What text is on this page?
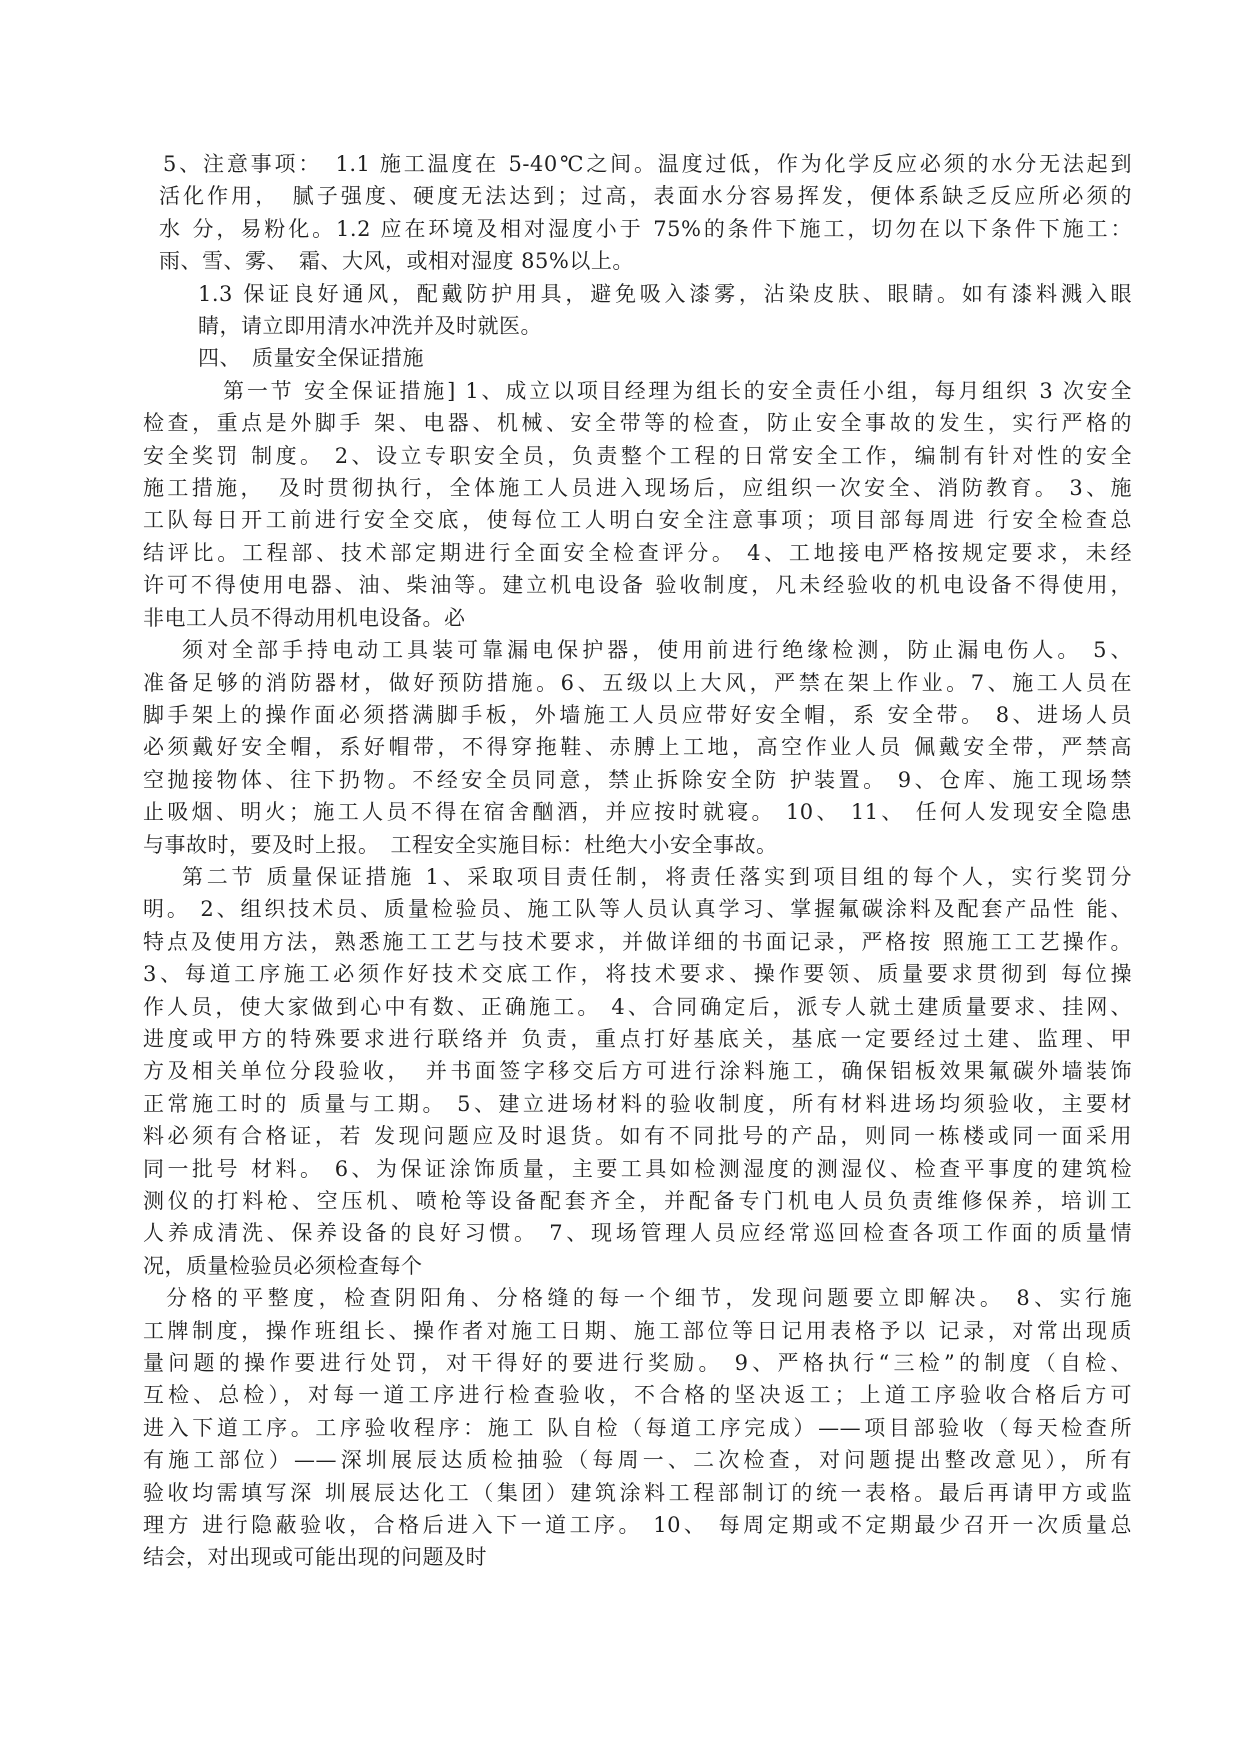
5、注意事项：　1.1 施工温度在 5-40℃之间。温度过低，作为化学反应必须的水分无法起到
活化作用，　腻子强度、硬度无法达到；过高，表面水分容易挥发，便体系缺乏反应所必须的
水 分，易粉化。1.2 应在环境及相对湿度小于 75%的条件下施工，切勿在以下条件下施工：
雨、雪、雾、　霜、大风，或相对湿度 85%以上。
1.3 保证良好通风，配戴防护用具，避免吸入漆雾，沾染皮肤、眼睛。如有漆料溅入眼
睛，请立即用清水冲洗并及时就医。
四、　质量安全保证措施
第一节 安全保证措施] 1、成立以项目经理为组长的安全责任小组，每月组织 3 次安全
检查，重点是外脚手 架、电器、机械、安全带等的检查，防止安全事故的发生，实行严格的
安全奖罚 制度。 2、设立专职安全员，负责整个工程的日常安全工作，编制有针对性的安全
施工措施，　及时贯彻执行，全体施工人员进入现场后，应组织一次安全、消防教育。 3、施
工队每日开工前进行安全交底，使每位工人明白安全注意事项；项目部每周进 行安全检查总
结评比。工程部、技术部定期进行全面安全检查评分。 4、工地接电严格按规定要求，未经
许可不得使用电器、油、柴油等。建立机电设备 验收制度，凡未经验收的机电设备不得使用，
非电工人员不得动用机电设备。必
须对全部手持电动工具装可靠漏电保护器，使用前进行绝缘检测，防止漏电伤人。 5、
准备足够的消防器材，做好预防措施。6、五级以上大风，严禁在架上作业。7、施工人员在
脚手架上的操作面必须搭满脚手板，外墙施工人员应带好安全帽，系 安全带。 8、进场人员
必须戴好安全帽，系好帽带，不得穿拖鞋、赤膊上工地，高空作业人员 佩戴安全带，严禁高
空抛接物体、往下扔物。不经安全员同意，禁止拆除安全防 护装置。 9、仓库、施工现场禁
止吸烟、明火；施工人员不得在宿舍酗酒，并应按时就寝。 10、 11、 任何人发现安全隐患
与事故时，要及时上报。　工程安全实施目标：杜绝大小安全事故。
第二节 质量保证措施 1、采取项目责任制，将责任落实到项目组的每个人，实行奖罚分
明。 2、组织技术员、质量检验员、施工队等人员认真学习、掌握氟碳涂料及配套产品性 能、
特点及使用方法，熟悉施工工艺与技术要求，并做详细的书面记录，严格按 照施工工艺操作。
3、每道工序施工必须作好技术交底工作，将技术要求、操作要领、质量要求贯彻到 每位操
作人员，使大家做到心中有数、正确施工。 4、合同确定后，派专人就土建质量要求、挂网、
进度或甲方的特殊要求进行联络并 负责，重点打好基底关，基底一定要经过土建、监理、甲
方及相关单位分段验收，　并书面签字移交后方可进行涂料施工，确保铝板效果氟碳外墙装饰
正常施工时的 质量与工期。 5、建立进场材料的验收制度，所有材料进场均须验收，主要材
料必须有合格证，若 发现问题应及时退货。如有不同批号的产品，则同一栋楼或同一面采用
同一批号 材料。 6、为保证涂饰质量，主要工具如检测湿度的测湿仪、检查平事度的建筑检
测仪的打料枪、空压机、喷枪等设备配套齐全，并配备专门机电人员负责维修保养，培训工
人养成清洗、保养设备的良好习惯。 7、现场管理人员应经常巡回检查各项工作面的质量情
况，质量检验员必须检查每个
分格的平整度，检查阴阳角、分格缝的每一个细节，发现问题要立即解决。 8、实行施
工牌制度，操作班组长、操作者对施工日期、施工部位等日记用表格予以 记录，对常出现质
量问题的操作要进行处罚，对干得好的要进行奖励。 9、严格执行“三检”的制度（自检、
互检、总检），对每一道工序进行检查验收，不合格的坚决返工；上道工序验收合格后方可
进入下道工序。工序验收程序：施工 队自检（每道工序完成）——项目部验收（每天检查所
有施工部位）——深圳展辰达质检抽验（每周一、二次检查，对问题提出整改意见），所有
验收均需填写深 圳展辰达化工（集团）建筑涂料工程部制订的统一表格。最后再请甲方或监
理方 进行隐蔽验收，合格后进入下一道工序。 10、 每周定期或不定期最少召开一次质量总
结会，对出现或可能出现的问题及时
